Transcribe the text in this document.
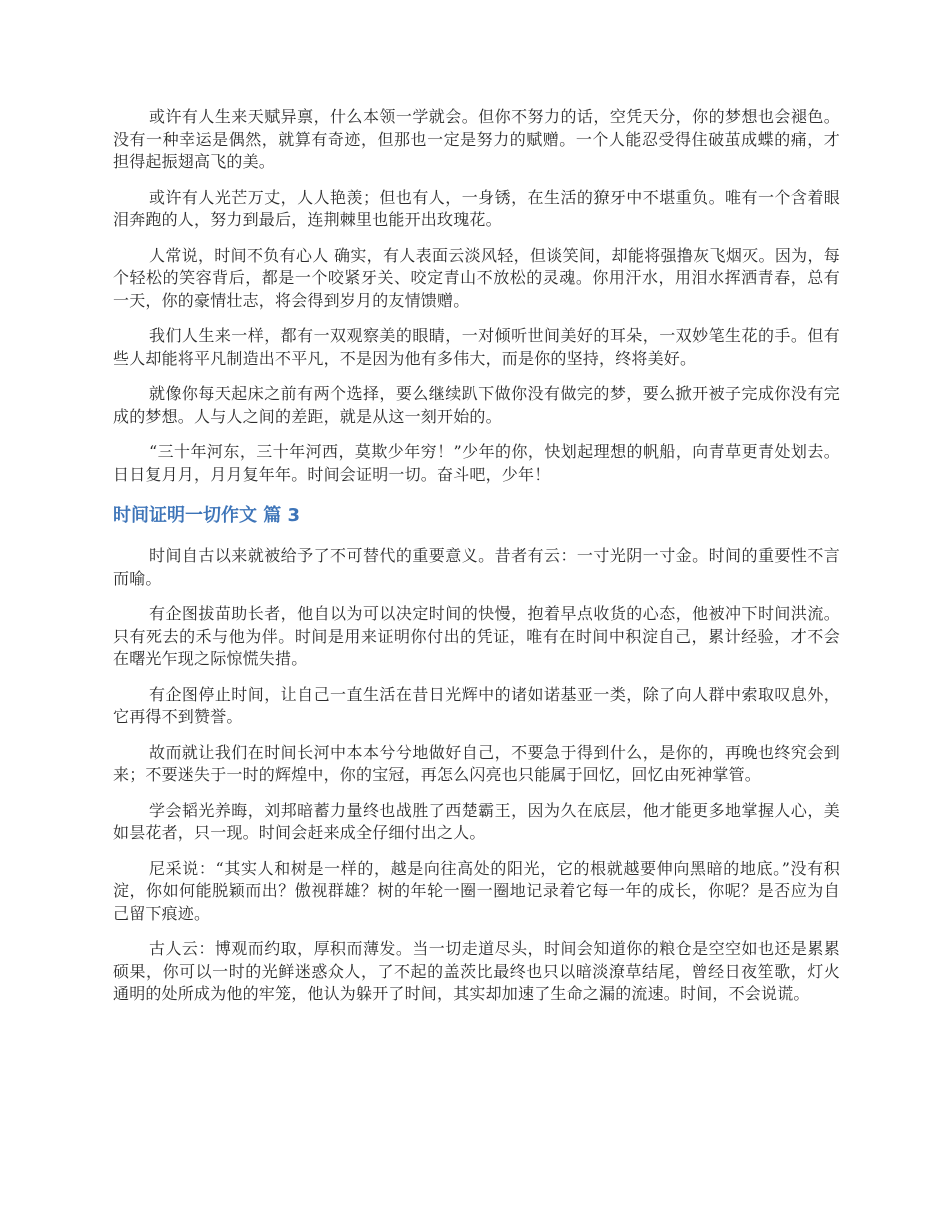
或许有人生来天赋异禀，什么本领一学就会。但你不努力的话，空凭天分，你的梦想也会褪色。没有一种幸运是偶然，就算有奇迹，但那也一定是努力的赋赠。一个人能忍受得住破茧成蝶的痛，才担得起振翅高飞的美。

或许有人光芒万丈，人人艳羡；但也有人，一身锈，在生活的獠牙中不堪重负。唯有一个含着眼泪奔跑的人，努力到最后，连荆棘里也能开出玫瑰花。

人常说，时间不负有心人 确实，有人表面云淡风轻，但谈笑间，却能将强撸灰飞烟灭。因为，每个轻松的笑容背后，都是一个咬紧牙关、咬定青山不放松的灵魂。你用汗水，用泪水挥洒青春，总有一天，你的豪情壮志，将会得到岁月的友情馈赠。

我们人生来一样，都有一双观察美的眼睛，一对倾听世间美好的耳朵，一双妙笔生花的手。但有些人却能将平凡制造出不平凡，不是因为他有多伟大，而是你的坚持，终将美好。

就像你每天起床之前有两个选择，要么继续趴下做你没有做完的梦，要么掀开被子完成你没有完成的梦想。人与人之间的差距，就是从这一刻开始的。

“三十年河东，三十年河西，莫欺少年穷！”少年的你，快划起理想的帆船，向青草更青处划去。日日复月月，月月复年年。时间会证明一切。奋斗吧，少年！

时间证明一切作文 篇 3

时间自古以来就被给予了不可替代的重要意义。昔者有云：一寸光阴一寸金。时间的重要性不言而喻。

有企图拔苗助长者，他自以为可以决定时间的快慢，抱着早点收货的心态，他被冲下时间洪流。只有死去的禾与他为伴。时间是用来证明你付出的凭证，唯有在时间中积淀自己，累计经验，才不会在曙光乍现之际惊慌失措。

有企图停止时间，让自己一直生活在昔日光辉中的诸如诺基亚一类，除了向人群中索取叹息外，它再得不到赞誉。

故而就让我们在时间长河中本本兮兮地做好自己，不要急于得到什么，是你的，再晚也终究会到来；不要迷失于一时的辉煌中，你的宝冠，再怎么闪亮也只能属于回忆，回忆由死神掌管。

学会韬光养晦，刘邦暗蓄力量终也战胜了西楚霸王，因为久在底层，他才能更多地掌握人心，美如昙花者，只一现。时间会赶来成全仔细付出之人。

尼采说：“其实人和树是一样的，越是向往高处的阳光，它的根就越要伸向黑暗的地底。”没有积淀，你如何能脱颖而出？傲视群雄？树的年轮一圈一圈地记录着它每一年的成长，你呢？是否应为自己留下痕迹。

古人云：博观而约取，厚积而薄发。当一切走道尽头，时间会知道你的粮仓是空空如也还是累累硕果，你可以一时的光鲜迷惑众人，了不起的盖茨比最终也只以暗淡潦草结尾，曾经日夜笙歌，灯火通明的处所成为他的牢笼，他认为躲开了时间，其实却加速了生命之漏的流速。时间，不会说谎。
